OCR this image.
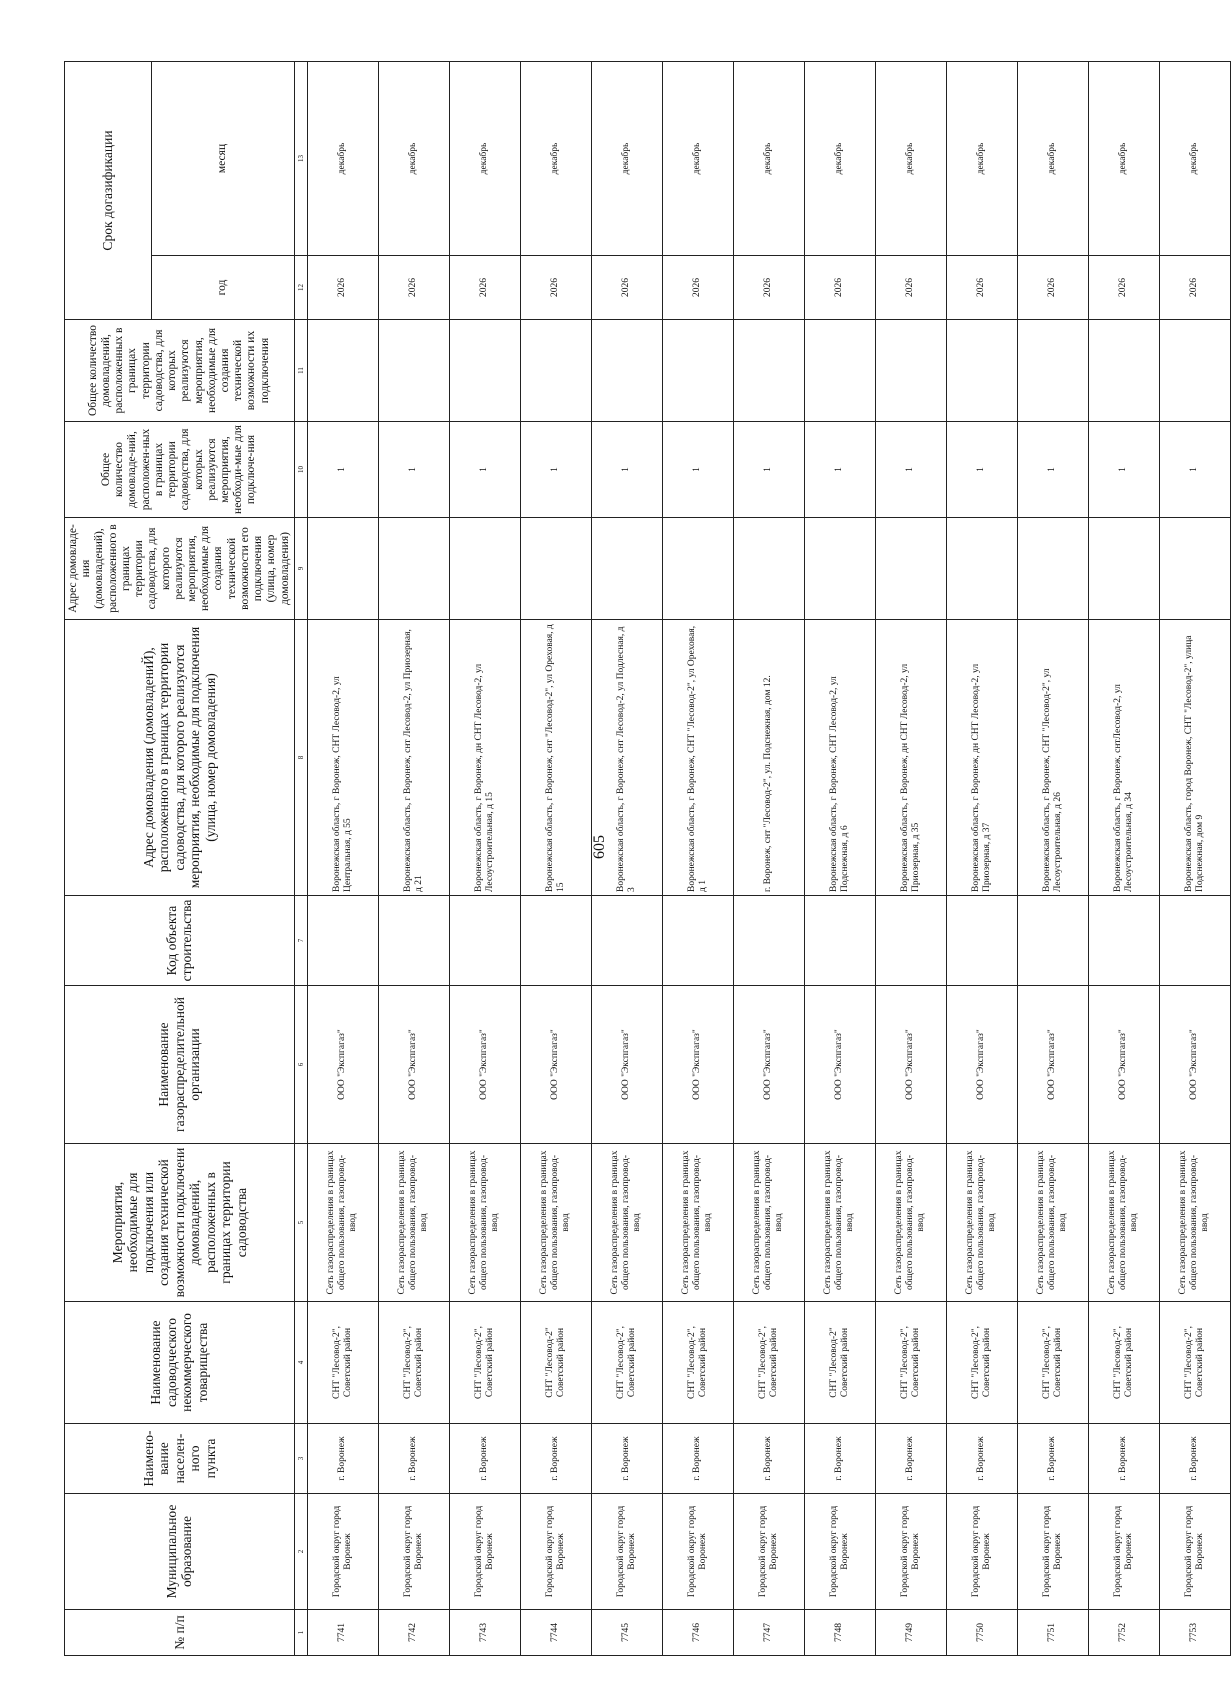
605
№ п/п	Муниципальное образование	Наимено-вание населен-ного пункта	Наименование садоводческого некоммерческого товарищества	Мероприятия, необходимые для подключения или создания технической возможности подключени домовладений, расположенных в границах территории садоводства	Наименование газораспределительной организации	Код объекта строительства	Адрес домовладения (домовладениЙ), расположенного в границах территории садоводства, для которого реализуются мероприятия, необходимые для подключения (улица, номер домовладения)	Адрес домовладе-ния (домовладений), расположенного в границах территории садоводства, для которого реализуются мероприятия, необходимые для создания технической возможности его подключения (улица, номер домовладения)	Общее количество домовладе-ний, расположен-ных в границах территории садоводства, для которых реализуются мероприятия, необходи-мые для подключе-ния	Общее количество домовладений, расположенных в границах территории садоводства, для которых реализуются мероприятия, необходимые для создания технической возможности их подключения	Срок догазификации	
											год	месяц
1	2	3	4	5	6	7	8	9	10	11	12	13
7741	Городской округ город Воронеж	г. Воронеж	СНТ "Лесовод-2", Советский район	Сеть газораспределения в границах общего пользования, газопровод-ввод	ООО "Экспгагаз"		Воронежская область, г Воронеж, СНТ Лесовод-2, ул Центральная, д 55		1		2026	декабрь
7742	Городской округ город Воронеж	г. Воронеж	СНТ "Лесовод-2", Советский район	Сеть газораспределения в границах общего пользования, газопровод-ввод	ООО "Экспгагаз"		Воронежская область, г Воронеж, снт Лесовод-2, ул Приозерная, д 21		1		2026	декабрь
7743	Городской округ город Воронеж	г. Воронеж	СНТ "Лесовод-2", Советский район	Сеть газораспределения в границах общего пользования, газопровод-ввод	ООО "Экспгагаз"		Воронежская область, г Воронеж, дн СНТ Лесовод-2, ул Лесоустроительная, д 15		1		2026	декабрь
7744	Городской округ город Воронеж	г. Воронеж	СНТ "Лесовод-2" Советский район	Сеть газораспределения в границах общего пользования, газопровод-ввод	ООО "Экспгагаз"		Воронежская область, г Воронеж, снт "Лесовод-2", ул Ореховая, д 15		1		2026	декабрь
7745	Городской округ город Воронеж	г. Воронеж	СНТ "Лесовод-2", Советский район	Сеть газораспределения в границах общего пользования, газопровод-ввод	ООО "Экспгагаз"		Воронежская область, г Воронеж, снт Лесовод-2, ул Подлесная, д 3		1		2026	декабрь
7746	Городской округ город Воронеж	г. Воронеж	СНТ "Лесовод-2", Советский район	Сеть газораспределения в границах общего пользования, газопровод-ввод	ООО "Экспгагаз"		Воронежская область, г Воронеж, СНТ "Лесовод-2", ул Ореховая, д 1		1		2026	декабрь
7747	Городской округ город Воронеж	г. Воронеж	СНТ "Лесовод-2", Советский район	Сеть газораспределения в границах общего пользования, газопровод-ввод	ООО "Экспгагаз"		г. Воронеж, снт "Лесовод-2", ул. Подснежная, дом 12.		1		2026	декабрь
7748	Городской округ город Воронеж	г. Воронеж	СНТ "Лесовод-2" Советский район	Сеть газораспределения в границах общего пользования, газопровод-ввод	ООО "Экспгагаз"		Воронежская область, г Воронеж, СНТ Лесовод-2, ул Подснежная, д 6		1		2026	декабрь
7749	Городской округ город Воронеж	г. Воронеж	СНТ "Лесовод-2", Советский район	Сеть газораспределения в границах общего пользования, газопровод-ввод	ООО "Экспгагаз"		Воронежская область, г Воронеж, дн СНТ Лесовод-2, ул Приозерная, д 35		1		2026	декабрь
7750	Городской округ город Воронеж	г. Воронеж	СНТ "Лесовод-2", Советский район	Сеть газораспределения в границах общего пользования, газопровод-ввод	ООО "Экспгагаз"		Воронежская область, г Воронеж, дн СНТ Лесовод-2, ул Приозерная, д 37		1		2026	декабрь
7751	Городской округ город Воронеж	г. Воронеж	СНТ "Лесовод-2", Советский район	Сеть газораспределения в границах общего пользования, газопровод-ввод	ООО "Экспгагаз"		Воронежская область, г Воронеж, СНТ "Лесовод-2", ул Лесоустроительная, д 26		1		2026	декабрь
7752	Городской округ город Воронеж	г. Воронеж	СНТ "Лесовод-2", Советский район	Сеть газораспределения в границах общего пользования, газопровод-ввод	ООО "Экспгагаз"		Воронежская область, г Воронеж, снтЛесовод-2, ул Лесоустроительная, д 34		1		2026	декабрь
7753	Городской округ город Воронеж	г. Воронеж	СНТ "Лесовод-2", Советский район	Сеть газораспределения в границах общего пользования, газопровод-ввод	ООО "Экспгагаз"		Воронежская область, город Воронеж, СНТ "Лесовод-2", улица Подснежная, дом 9		1		2026	декабрь
